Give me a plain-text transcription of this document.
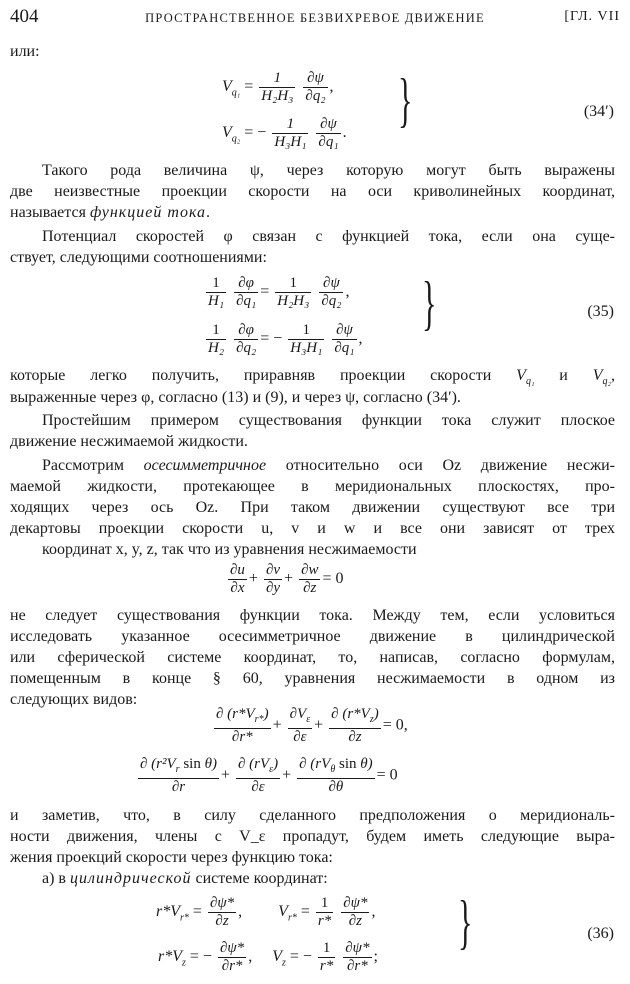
404	ПРОСТРАНСТВЕННОЕ БЕЗВИХРЕВОЕ ДВИЖЕНИЕ	[ГЛ. VII
или:
$V_{q_1} = \frac{1}{\text{H₂H₃}}$
$\frac{\partial\psi}{\text{∂q₂}}$ ,
$V_{q_2}$ = − $\frac{1}{\text{H₃H₁}}$
$\frac{\partial\psi}{\text{∂q₁}}$ . }	(34′)
Такого рода величина ψ, через которую могут быть выражены
две неизвестные проекции скорости на оси криволинейных координат,
называется функцией тока.
Потенциал скоростей φ связан с функцией тока, если она суще-
ствует, следующими соотношениями:
$\frac{1}{\text{H₁}}$
$\frac{\partial\varphi}{\text{∂q₁}} = \frac{1}{\text{H₂H₃}}$
$\frac{\partial\psi}{\text{∂q₂}}$ ,
$\frac{1}{\text{H₂}}$
$\frac{\partial\varphi}{\text{∂q₂}}$ = − $\frac{1}{\text{H₃H₁}}$
$\frac{\partial\psi}{\text{∂q₁}}$ ,
}	(35)
которые легко получить, приравняв проекции скорости $V_{q_1}$ и $V_{q_2}$,
выраженные через φ, согласно (13) и (9), и через ψ, согласно (34′).
Простейшим примером существования функции тока служит плоское
движение несжимаемой жидкости.
Рассмотрим осесимметричное относительно оси Oz движение несжи-
маемой жидкости, протекающее в меридиональных плоскостях, про-
ходящих через ось Oz. При таком движении существуют все три
декартовы проекции скорости u, v и w и все они зависят от трех
координат x, y, z, так что из уравнения несжимаемости
$\frac{\partial u}{\partial x} + \frac{\partial v}{\partial y} + \frac{\partial w}{\partial z} = 0$
не следует существования функции тока. Между тем, если условиться
исследовать указанное осесимметричное движение в цилиндрической
или сферической системе координат, то, написав, согласно формулам,
помещенным в конце § 60, уравнения несжимаемости в одном из
следующих видов:
$\frac{\partial (r*V_{r*})}{\partial r*} + \frac{\partial V_\varepsilon}{\partial\varepsilon} + \frac{\partial (r*V_z)}{\partial z} = 0$,
$\frac{\partial (r^2V_r \sin \theta)}{\partial r} + \frac{\partial (rV_\varepsilon)}{\partial\varepsilon} + \frac{\partial (rV_\theta \sin \theta)}{\partial\theta} = 0$
и заметив, что, в силу сделанного предположения о меридиональ-
ности движения, члены с V_ε пропадут, будем иметь следующие выра-
жения проекций скорости через функцию тока:
а) в цилиндрической системе координат:
$r*V_{r*} = \frac{\partial\psi*}{\partial z}$ ,  $V_{r*} = \frac{1}{r*}$
$\frac{\partial\psi*}{\partial z}$ ,
$r*V_z$ = − $\frac{\partial\psi*}{\partial r*}$ ,  $V_z$ = − $\frac{1}{r*}$
$\frac{\partial\psi*}{\partial r*}$ ;
}	(36)
